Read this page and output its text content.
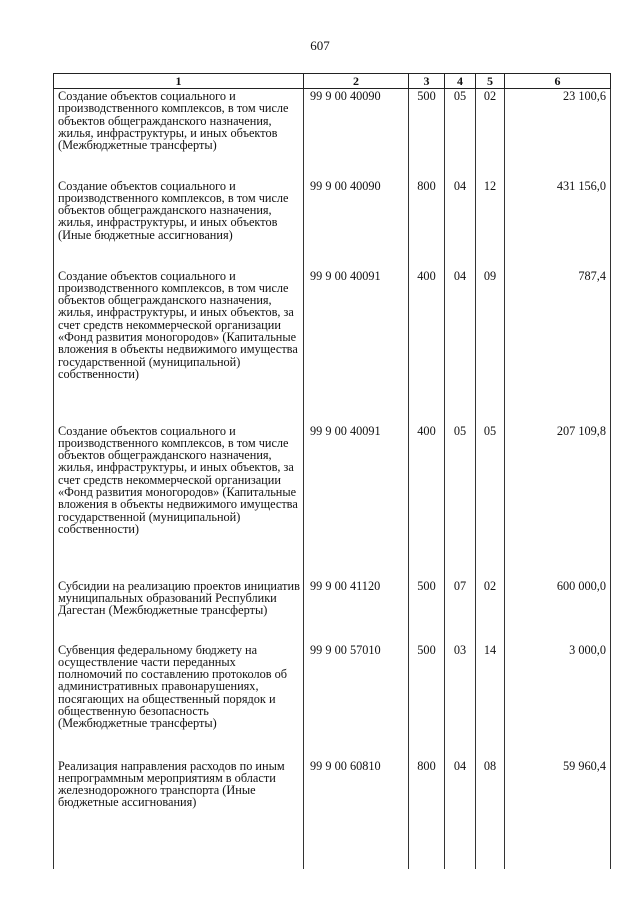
607
1	2	3	4	5	6
Создание объектов социального и производственного комплексов, в том числе объектов общегражданского назначения, жилья, инфраструктуры, и иных объектов (Межбюджетные трансферты)	99 9 00 40090	500	05	02	23 100,6
Создание объектов социального и производственного комплексов, в том числе объектов общегражданского назначения, жилья, инфраструктуры, и иных объектов (Иные бюджетные ассигнования)	99 9 00 40090	800	04	12	431 156,0
Создание объектов социального и производственного комплексов, в том числе объектов общегражданского назначения, жилья, инфраструктуры, и иных объектов, за счет средств некоммерческой организации «Фонд развития моногородов» (Капитальные вложения в объекты недвижимого имущества государственной (муниципальной) собственности)	99 9 00 40091	400	04	09	787,4
Создание объектов социального и производственного комплексов, в том числе объектов общегражданского назначения, жилья, инфраструктуры, и иных объектов, за счет средств некоммерческой организации «Фонд развития моногородов» (Капитальные вложения в объекты недвижимого имущества государственной (муниципальной) собственности)	99 9 00 40091	400	05	05	207 109,8
Субсидии на реализацию проектов инициатив муниципальных образований Республики Дагестан (Межбюджетные трансферты)	99 9 00 41120	500	07	02	600 000,0
Субвенция федеральному бюджету на осуществление части переданных полномочий по составлению протоколов об административных правонарушениях, посягающих на общественный порядок и общественную безопасность (Межбюджетные трансферты)	99 9 00 57010	500	03	14	3 000,0
Реализация направления расходов по иным непрограммным мероприятиям в области железнодорожного транспорта (Иные бюджетные ассигнования)	99 9 00 60810	800	04	08	59 960,4
